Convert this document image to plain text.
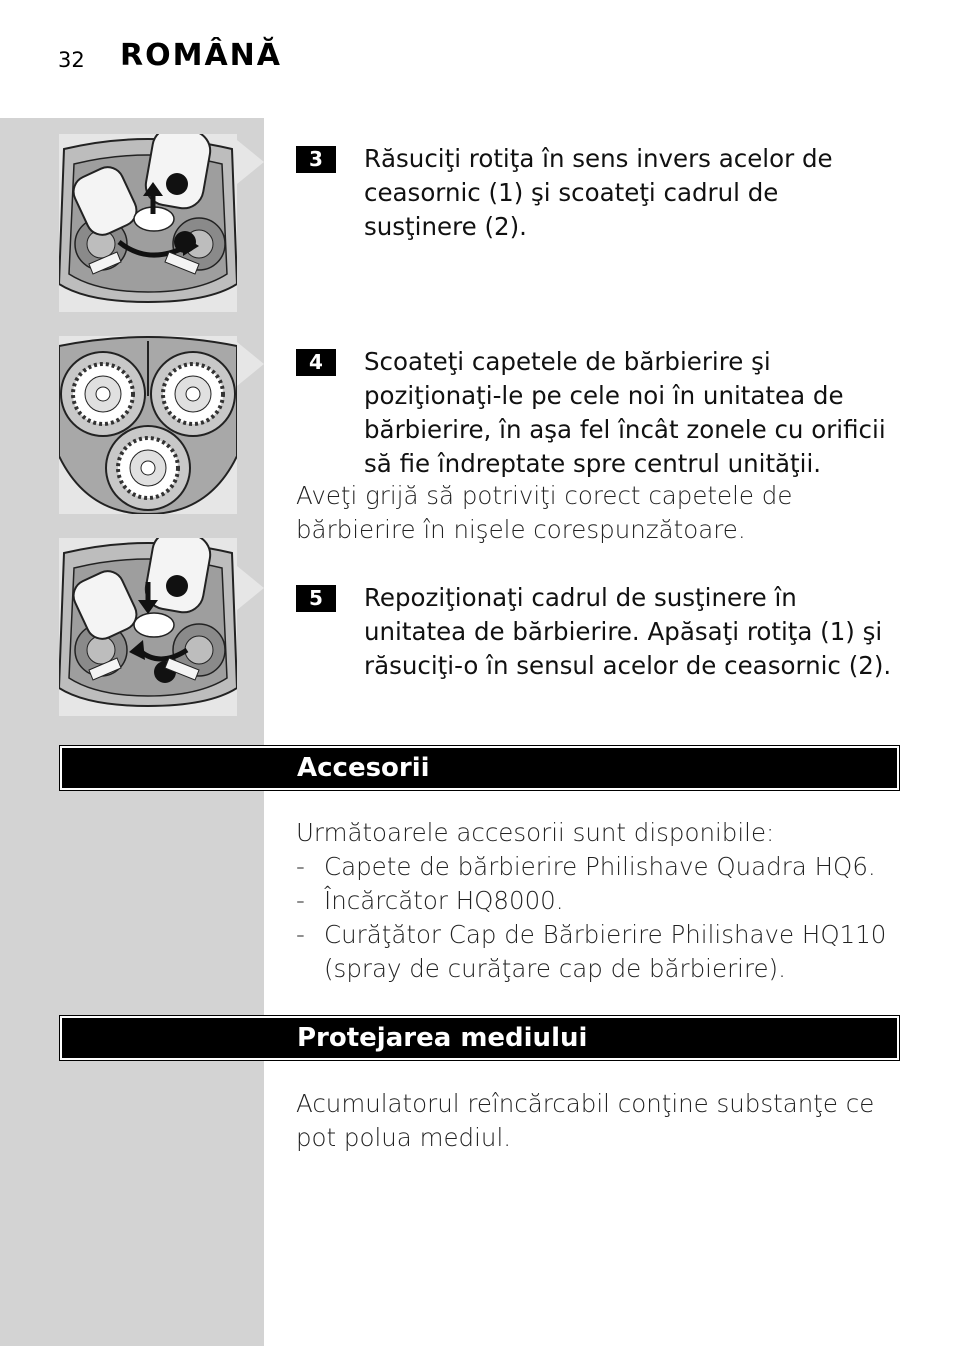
32 ROMÂNĂ
3	Răsuciţi rotiţa în sens invers acelor de ceasornic (1) şi scoateţi cadrul de susţinere (2).
4	Scoateţi capetele de bărbierire şi poziţionaţi-le pe cele noi în unitatea de bărbierire, în aşa fel încât zonele cu orificii să fie îndreptate spre centrul unităţii.
Aveţi grijă să potriviţi corect capetele de bărbierire în nişele corespunzătoare.
5	Repoziţionaţi cadrul de susţinere în unitatea de bărbierire. Apăsaţi rotiţa (1) şi răsuciţi-o în sensul acelor de ceasornic (2).
Accesorii
Următoarele accesorii sunt disponibile:
- Capete de bărbierire Philishave Quadra HQ6.
- Încărcător HQ8000.
- Curăţător Cap de Bărbierire Philishave HQ110 (spray de curăţare cap de bărbierire).
Protejarea mediului
Acumulatorul reîncărcabil conţine substanţe ce pot polua mediul.
